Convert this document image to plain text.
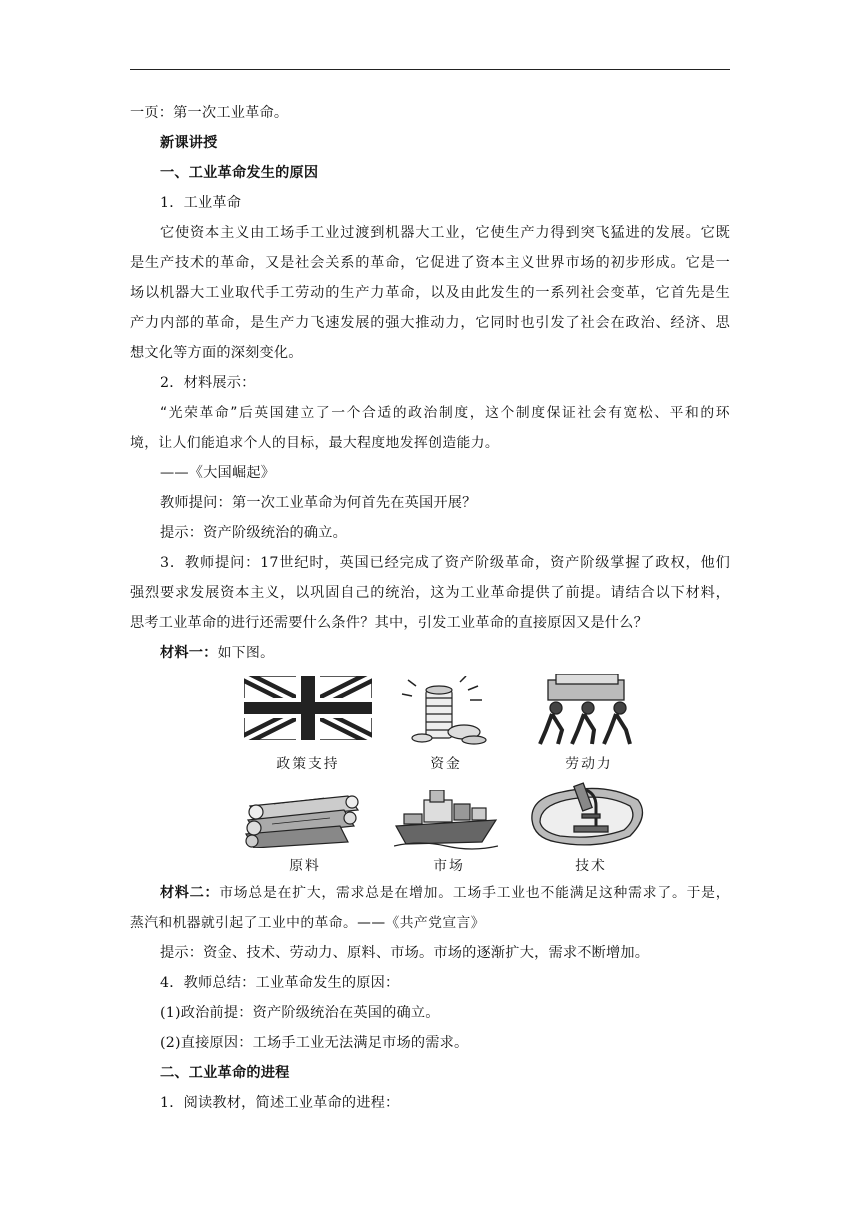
一页：第一次工业革命。

新课讲授

一、工业革命发生的原因

1．工业革命

它使资本主义由工场手工业过渡到机器大工业，它使生产力得到突飞猛进的发展。它既

是生产技术的革命，又是社会关系的革命，它促进了资本主义世界市场的初步形成。它是一

场以机器大工业取代手工劳动的生产力革命，以及由此发生的一系列社会变革，它首先是生

产力内部的革命，是生产力飞速发展的强大推动力，它同时也引发了社会在政治、经济、思

想文化等方面的深刻变化。

2．材料展示：

“光荣革命”后英国建立了一个合适的政治制度，这个制度保证社会有宽松、平和的环

境，让人们能追求个人的目标，最大程度地发挥创造能力。

——《大国崛起》

教师提问：第一次工业革命为何首先在英国开展？

提示：资产阶级统治的确立。

3．教师提问：17世纪时，英国已经完成了资产阶级革命，资产阶级掌握了政权，他们

强烈要求发展资本主义，以巩固自己的统治，这为工业革命提供了前提。请结合以下材料，

思考工业革命的进行还需要什么条件？其中，引发工业革命的直接原因又是什么？

材料一：如下图。

政策支持	资金	劳动力
原料	市场	技术

材料二：市场总是在扩大，需求总是在增加。工场手工业也不能满足这种需求了。于是，

蒸汽和机器就引起了工业中的革命。——《共产党宣言》

提示：资金、技术、劳动力、原料、市场。市场的逐渐扩大，需求不断增加。

4．教师总结：工业革命发生的原因：

(1)政治前提：资产阶级统治在英国的确立。

(2)直接原因：工场手工业无法满足市场的需求。

二、工业革命的进程

1．阅读教材，简述工业革命的进程：
